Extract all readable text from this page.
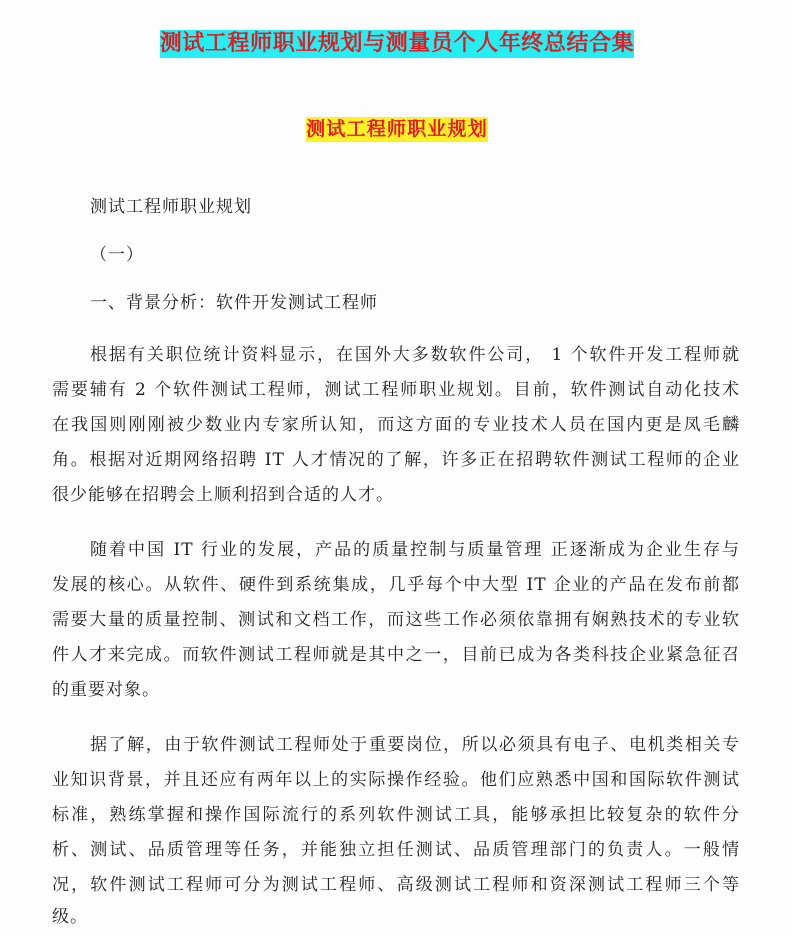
测试工程师职业规划与测量员个人年终总结合集
测试工程师职业规划
测试工程师职业规划
（一）
一、背景分析：软件开发测试工程师
根据有关职位统计资料显示，在国外大多数软件公司， 1 个软件开发工程师就
需要辅有 2 个软件测试工程师，测试工程师职业规划。目前，软件测试自动化技术
在我国则刚刚被少数业内专家所认知，而这方面的专业技术人员在国内更是凤毛麟
角。根据对近期网络招聘 IT 人才情况的了解，许多正在招聘软件测试工程师的企业
很少能够在招聘会上顺利招到合适的人才。
随着中国 IT 行业的发展，产品的质量控制与质量管理 正逐渐成为企业生存与
发展的核心。从软件、硬件到系统集成，几乎每个中大型 IT 企业的产品在发布前都
需要大量的质量控制、测试和文档工作，而这些工作必须依靠拥有娴熟技术的专业软
件人才来完成。而软件测试工程师就是其中之一，目前已成为各类科技企业紧急征召
的重要对象。
据了解，由于软件测试工程师处于重要岗位，所以必须具有电子、电机类相关专
业知识背景，并且还应有两年以上的实际操作经验。他们应熟悉中国和国际软件测试
标准，熟练掌握和操作国际流行的系列软件测试工具，能够承担比较复杂的软件分
析、测试、品质管理等任务，并能独立担任测试、品质管理部门的负责人。一般情
况，软件测试工程师可分为测试工程师、高级测试工程师和资深测试工程师三个等
级。
